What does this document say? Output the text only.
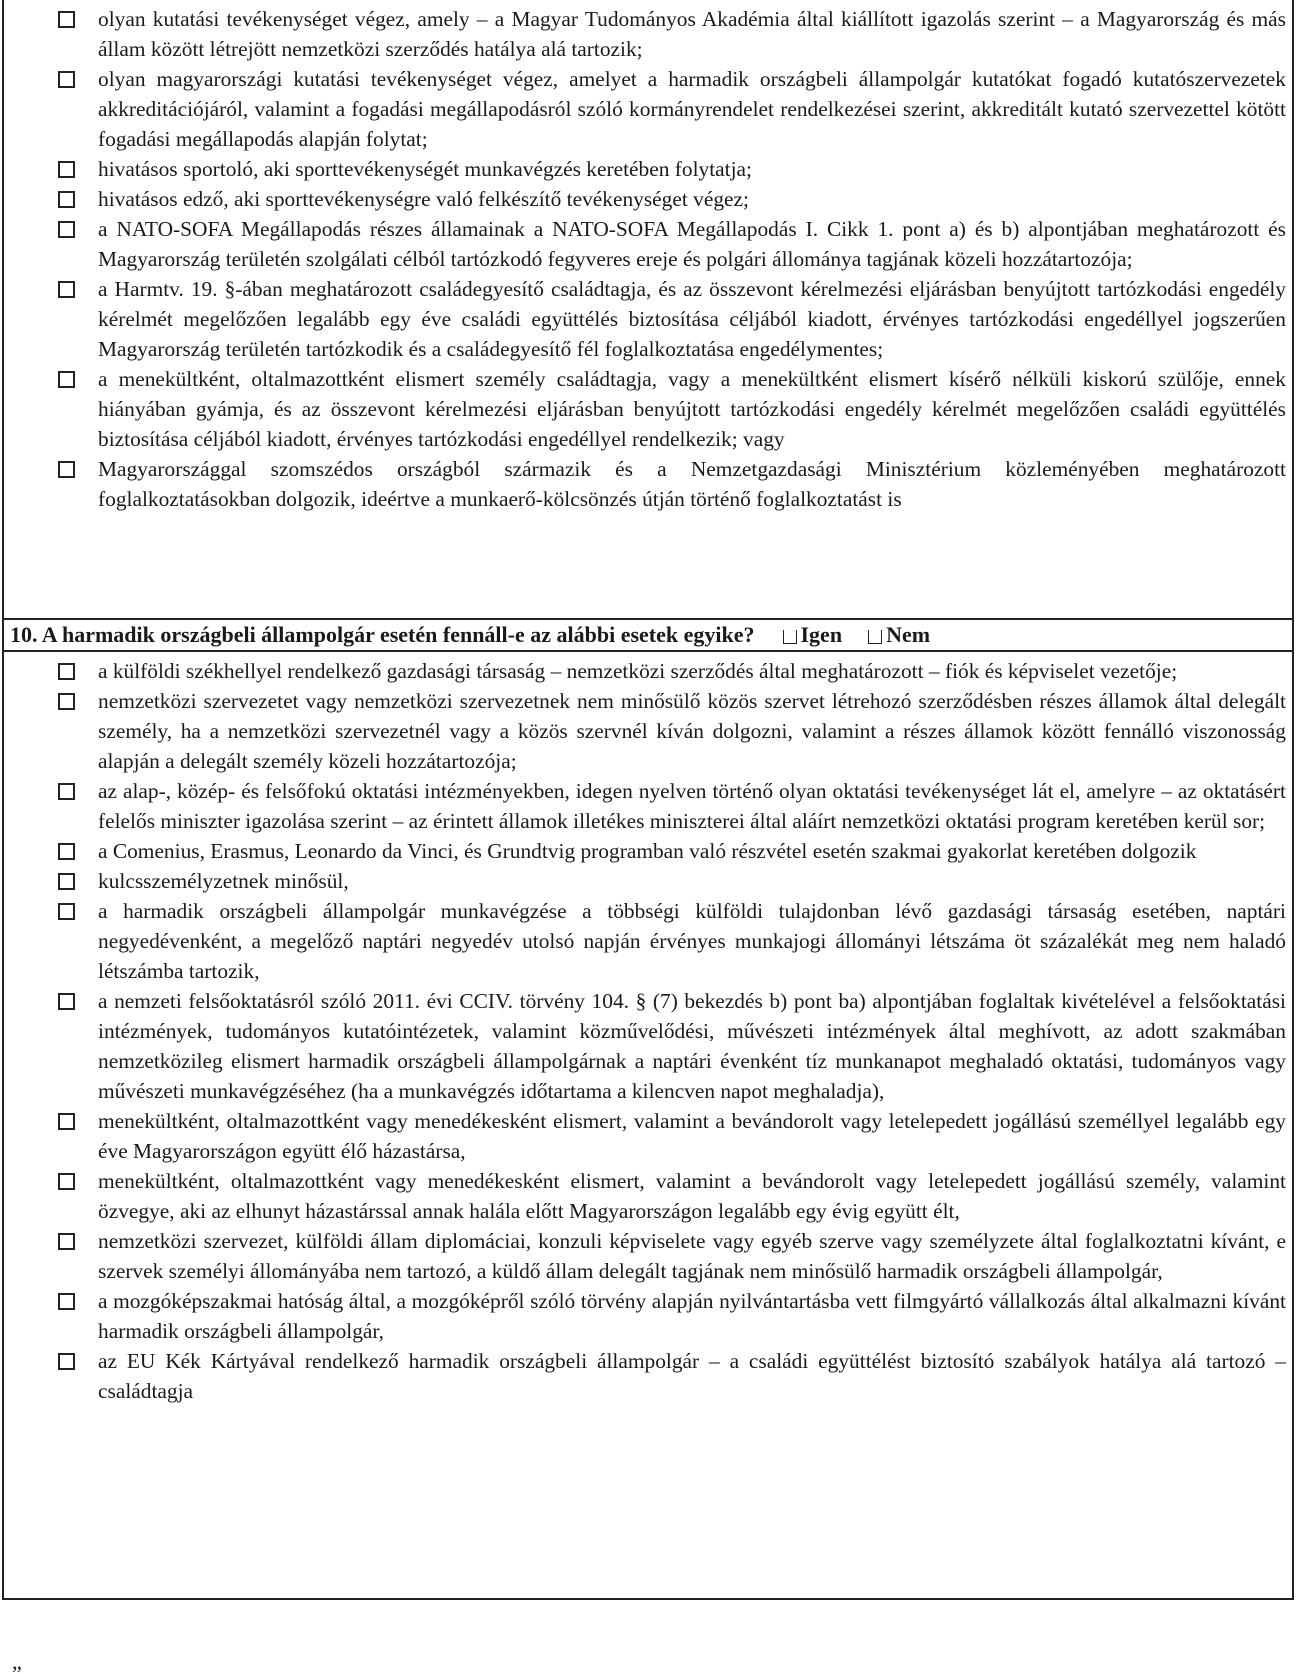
olyan kutatási tevékenységet végez, amely – a Magyar Tudományos Akadémia által kiállított igazolás szerint – a Magyarország és más állam között létrejött nemzetközi szerződés hatálya alá tartozik;
olyan magyarországi kutatási tevékenységet végez, amelyet a harmadik országbeli állampolgár kutatókat fogadó kutatószervezetek akkreditációjáról, valamint a fogadási megállapodásról szóló kormányrendelet rendelkezései szerint, akkreditált kutató szervezettel kötött fogadási megállapodás alapján folytat;
hivatásos sportoló, aki sporttevékenységét munkavégzés keretében folytatja;
hivatásos edző, aki sporttevékenységre való felkészítő tevékenységet végez;
a NATO-SOFA Megállapodás részes államainak a NATO-SOFA Megállapodás I. Cikk 1. pont a) és b) alpontjában meghatározott és Magyarország területén szolgálati célból tartózkodó fegyveres ereje és polgári állománya tagjának közeli hozzátartozója;
a Harmtv. 19. §-ában meghatározott családegyesítő családtagja, és az összevont kérelmezési eljárásban benyújtott tartózkodási engedély kérelmét megelőzően legalább egy éve családi együttélés biztosítása céljából kiadott, érvényes tartózkodási engedéllyel jogszerűen Magyarország területén tartózkodik és a családegyesítő fél foglalkoztatása engedélymentes;
a menekültként, oltalmazottként elismert személy családtagja, vagy a menekültként elismert kísérő nélküli kiskorú szülője, ennek hiányában gyámja, és az összevont kérelmezési eljárásban benyújtott tartózkodási engedély kérelmét megelőzően családi együttélés biztosítása céljából kiadott, érvényes tartózkodási engedéllyel rendelkezik; vagy
Magyarországgal szomszédos országból származik és a Nemzetgazdasági Minisztérium közleményében meghatározott foglalkoztatásokban dolgozik, ideértve a munkaerő-kölcsönzés útján történő foglalkoztatást is
10. A harmadik országbeli állampolgár esetén fennáll-e az alábbi esetek egyike?	Igen	Nem
a külföldi székhellyel rendelkező gazdasági társaság – nemzetközi szerződés által meghatározott – fiók és képviselet vezetője;
nemzetközi szervezetet vagy nemzetközi szervezetnek nem minősülő közös szervet létrehozó szerződésben részes államok által delegált személy, ha a nemzetközi szervezetnél vagy a közös szervnél kíván dolgozni, valamint a részes államok között fennálló viszonosság alapján a delegált személy közeli hozzátartozója;
az alap-, közép- és felsőfokú oktatási intézményekben, idegen nyelven történő olyan oktatási tevékenységet lát el, amelyre – az oktatásért felelős miniszter igazolása szerint – az érintett államok illetékes miniszterei által aláírt nemzetközi oktatási program keretében kerül sor;
a Comenius, Erasmus, Leonardo da Vinci, és Grundtvig programban való részvétel esetén szakmai gyakorlat keretében dolgozik
kulcsszemélyzetnek minősül,
a harmadik országbeli állampolgár munkavégzése a többségi külföldi tulajdonban lévő gazdasági társaság esetében, naptári negyedévenként, a megelőző naptári negyedév utolsó napján érvényes munkajogi állományi létszáma öt százalékát meg nem haladó létszámba tartozik,
a nemzeti felsőoktatásról szóló 2011. évi CCIV. törvény 104. § (7) bekezdés b) pont ba) alpontjában foglaltak kivételével a felsőoktatási intézmények, tudományos kutatóintézetek, valamint közművelődési, művészeti intézmények által meghívott, az adott szakmában nemzetközileg elismert harmadik országbeli állampolgárnak a naptári évenként tíz munkanapot meghaladó oktatási, tudományos vagy művészeti munkavégzéséhez (ha a munkavégzés időtartama a kilencven napot meghaladja),
menekültként, oltalmazottként vagy menedékesként elismert, valamint a bevándorolt vagy letelepedett jogállású személlyel legalább egy éve Magyarországon együtt élő házastársa,
menekültként, oltalmazottként vagy menedékesként elismert, valamint a bevándorolt vagy letelepedett jogállású személy, valamint özvegye, aki az elhunyt házastárssal annak halála előtt Magyarországon legalább egy évig együtt élt,
nemzetközi szervezet, külföldi állam diplomáciai, konzuli képviselete vagy egyéb szerve vagy személyzete által foglalkoztatni kívánt, e szervek személyi állományába nem tartozó, a küldő állam delegált tagjának nem minősülő harmadik országbeli állampolgár,
a mozgóképszakmai hatóság által, a mozgóképről szóló törvény alapján nyilvántartásba vett filmgyártó vállalkozás által alkalmazni kívánt harmadik országbeli állampolgár,
az EU Kék Kártyával rendelkező harmadik országbeli állampolgár – a családi együttélést biztosító szabályok hatálya alá tartozó – családtagja
„
